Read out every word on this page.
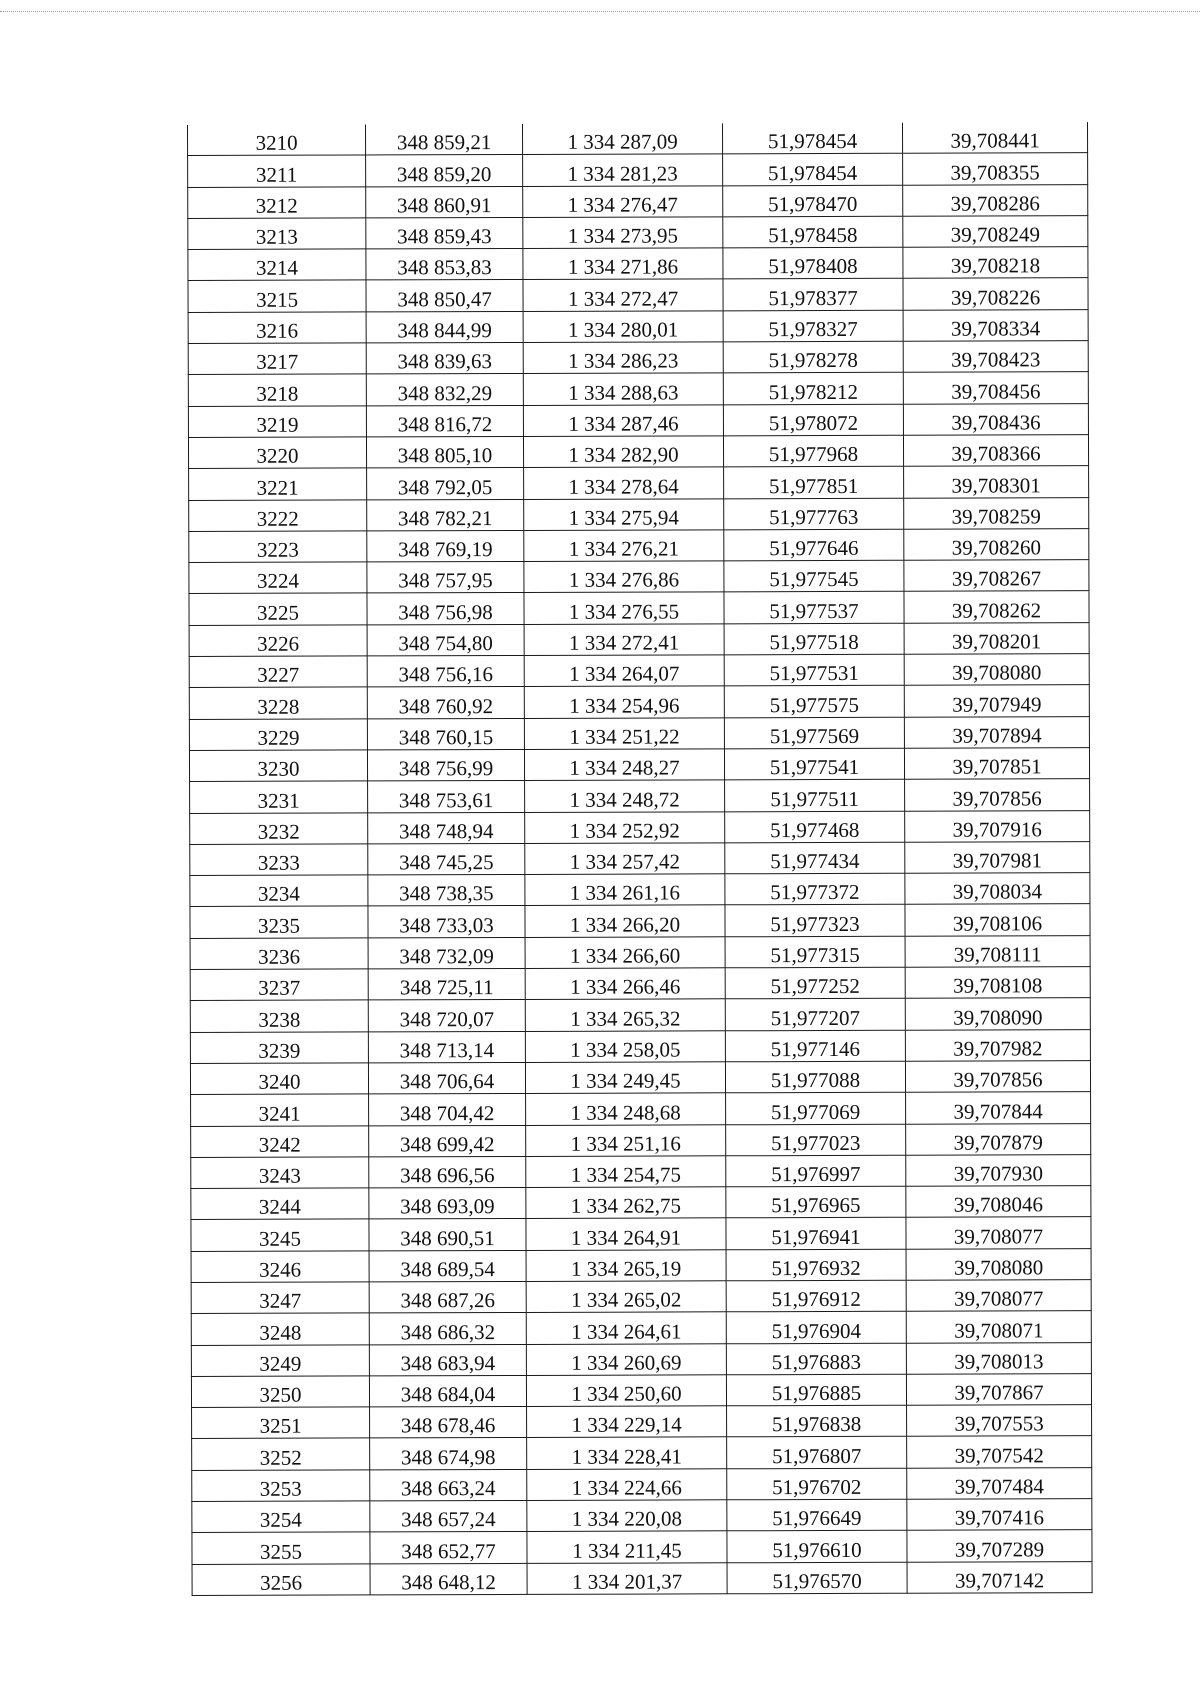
3210	348 859,21	1 334 287,09	51,978454	39,708441
3211	348 859,20	1 334 281,23	51,978454	39,708355
3212	348 860,91	1 334 276,47	51,978470	39,708286
3213	348 859,43	1 334 273,95	51,978458	39,708249
3214	348 853,83	1 334 271,86	51,978408	39,708218
3215	348 850,47	1 334 272,47	51,978377	39,708226
3216	348 844,99	1 334 280,01	51,978327	39,708334
3217	348 839,63	1 334 286,23	51,978278	39,708423
3218	348 832,29	1 334 288,63	51,978212	39,708456
3219	348 816,72	1 334 287,46	51,978072	39,708436
3220	348 805,10	1 334 282,90	51,977968	39,708366
3221	348 792,05	1 334 278,64	51,977851	39,708301
3222	348 782,21	1 334 275,94	51,977763	39,708259
3223	348 769,19	1 334 276,21	51,977646	39,708260
3224	348 757,95	1 334 276,86	51,977545	39,708267
3225	348 756,98	1 334 276,55	51,977537	39,708262
3226	348 754,80	1 334 272,41	51,977518	39,708201
3227	348 756,16	1 334 264,07	51,977531	39,708080
3228	348 760,92	1 334 254,96	51,977575	39,707949
3229	348 760,15	1 334 251,22	51,977569	39,707894
3230	348 756,99	1 334 248,27	51,977541	39,707851
3231	348 753,61	1 334 248,72	51,977511	39,707856
3232	348 748,94	1 334 252,92	51,977468	39,707916
3233	348 745,25	1 334 257,42	51,977434	39,707981
3234	348 738,35	1 334 261,16	51,977372	39,708034
3235	348 733,03	1 334 266,20	51,977323	39,708106
3236	348 732,09	1 334 266,60	51,977315	39,708111
3237	348 725,11	1 334 266,46	51,977252	39,708108
3238	348 720,07	1 334 265,32	51,977207	39,708090
3239	348 713,14	1 334 258,05	51,977146	39,707982
3240	348 706,64	1 334 249,45	51,977088	39,707856
3241	348 704,42	1 334 248,68	51,977069	39,707844
3242	348 699,42	1 334 251,16	51,977023	39,707879
3243	348 696,56	1 334 254,75	51,976997	39,707930
3244	348 693,09	1 334 262,75	51,976965	39,708046
3245	348 690,51	1 334 264,91	51,976941	39,708077
3246	348 689,54	1 334 265,19	51,976932	39,708080
3247	348 687,26	1 334 265,02	51,976912	39,708077
3248	348 686,32	1 334 264,61	51,976904	39,708071
3249	348 683,94	1 334 260,69	51,976883	39,708013
3250	348 684,04	1 334 250,60	51,976885	39,707867
3251	348 678,46	1 334 229,14	51,976838	39,707553
3252	348 674,98	1 334 228,41	51,976807	39,707542
3253	348 663,24	1 334 224,66	51,976702	39,707484
3254	348 657,24	1 334 220,08	51,976649	39,707416
3255	348 652,77	1 334 211,45	51,976610	39,707289
3256	348 648,12	1 334 201,37	51,976570	39,707142
